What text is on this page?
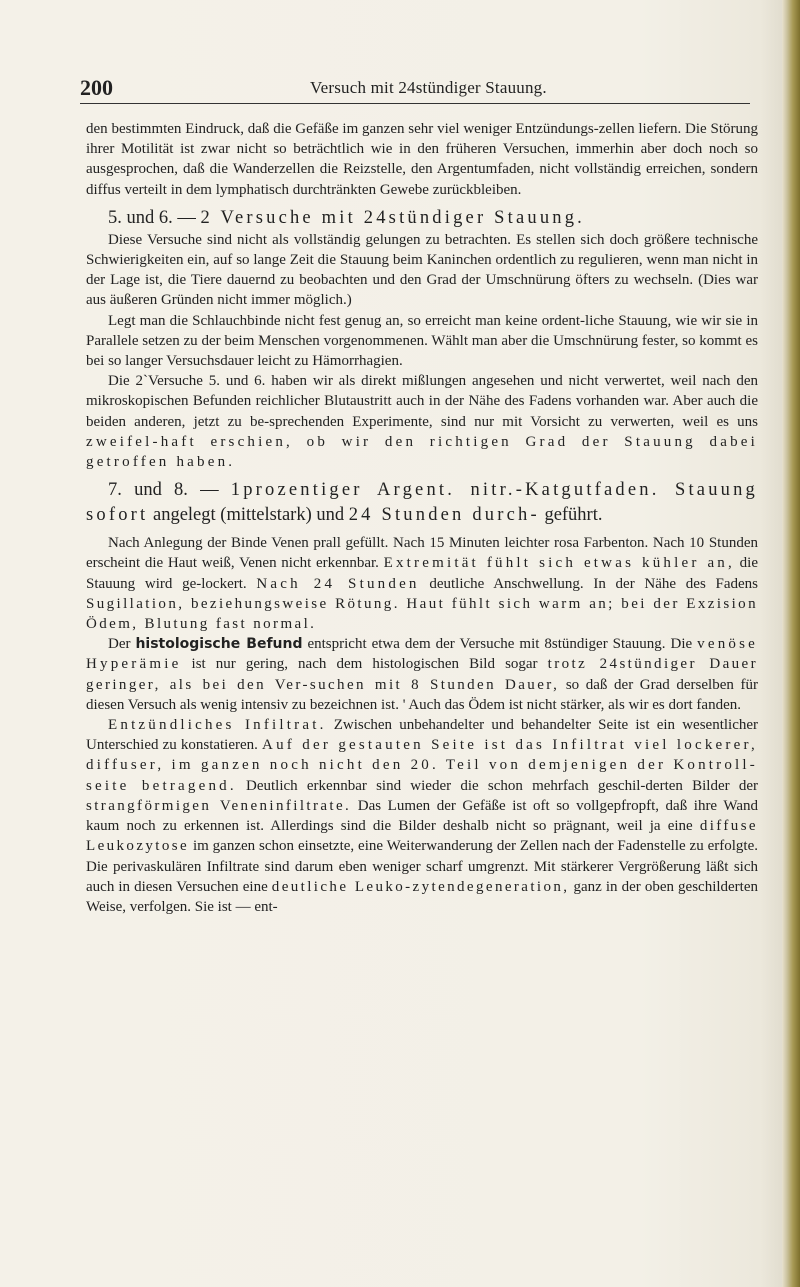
200	Versuch mit 24stündiger Stauung.

den bestimmten Eindruck, daß die Gefäße im ganzen sehr viel weniger Entzündungs-zellen liefern. Die Störung ihrer Motilität ist zwar nicht so beträchtlich wie in den früheren Versuchen, immerhin aber doch noch so ausgesprochen, daß die Wanderzellen die Reizstelle, den Argentumfaden, nicht vollständig erreichen, sondern diffus verteilt in dem lymphatisch durchtränkten Gewebe zurückbleiben.

5. und 6. — 2 Versuche mit 24stündiger Stauung.

Diese Versuche sind nicht als vollständig gelungen zu betrachten. Es stellen sich doch größere technische Schwierigkeiten ein, auf so lange Zeit die Stauung beim Kaninchen ordentlich zu regulieren, wenn man nicht in der Lage ist, die Tiere dauernd zu beobachten und den Grad der Umschnürung öfters zu wechseln. (Dies war aus äußeren Gründen nicht immer möglich.)

Legt man die Schlauchbinde nicht fest genug an, so erreicht man keine ordent-liche Stauung, wie wir sie in Parallele setzen zu der beim Menschen vorgenommenen. Wählt man aber die Umschnürung fester, so kommt es bei so langer Versuchsdauer leicht zu Hämorrhagien.

Die 2`Versuche 5. und 6. haben wir als direkt mißlungen angesehen und nicht verwertet, weil nach den mikroskopischen Befunden reichlicher Blutaustritt auch in der Nähe des Fadens vorhanden war. Aber auch die beiden anderen, jetzt zu be-sprechenden Experimente, sind nur mit Vorsicht zu verwerten, weil es uns zweifel-haft erschien, ob wir den richtigen Grad der Stauung dabei getroffen haben.

7. und 8. — 1prozentiger Argent. nitr.-Katgutfaden. Stauung sofort angelegt (mittelstark) und 24 Stunden durch- geführt.

Nach Anlegung der Binde Venen prall gefüllt. Nach 15 Minuten leichter rosa Farbenton. Nach 10 Stunden erscheint die Haut weiß, Venen nicht erkennbar. Extremität fühlt sich etwas kühler an, die Stauung wird ge-lockert. Nach 24 Stunden deutliche Anschwellung. In der Nähe des Fadens Sugillation, beziehungsweise Rötung. Haut fühlt sich warm an; bei der Exzision Ödem, Blutung fast normal.

Der histologische Befund entspricht etwa dem der Versuche mit 8stündiger Stauung. Die venöse Hyperämie ist nur gering, nach dem histologischen Bild sogar trotz 24stündiger Dauer geringer, als bei den Ver-suchen mit 8 Stunden Dauer, so daß der Grad derselben für diesen Versuch als wenig intensiv zu bezeichnen ist. ' Auch das Ödem ist nicht stärker, als wir es dort fanden.

Entzündliches Infiltrat. Zwischen unbehandelter und behandelter Seite ist ein wesentlicher Unterschied zu konstatieren. Auf der gestauten Seite ist das Infiltrat viel lockerer, diffuser, im ganzen noch nicht den 20. Teil von demjenigen der Kontroll-seite betragend. Deutlich erkennbar sind wieder die schon mehrfach geschil-derten Bilder der strangförmigen Veneninfiltrate. Das Lumen der Gefäße ist oft so vollgepfropft, daß ihre Wand kaum noch zu erkennen ist. Allerdings sind die Bilder deshalb nicht so prägnant, weil ja eine diffuse Leukozytose im ganzen schon einsetzte, eine Weiterwanderung der Zellen nach der Fadenstelle zu erfolgte. Die perivaskulären Infiltrate sind darum eben weniger scharf umgrenzt. Mit stärkerer Vergrößerung läßt sich auch in diesen Versuchen eine deutliche Leuko-zytendegeneration, ganz in der oben geschilderten Weise, verfolgen. Sie ist — ent-
